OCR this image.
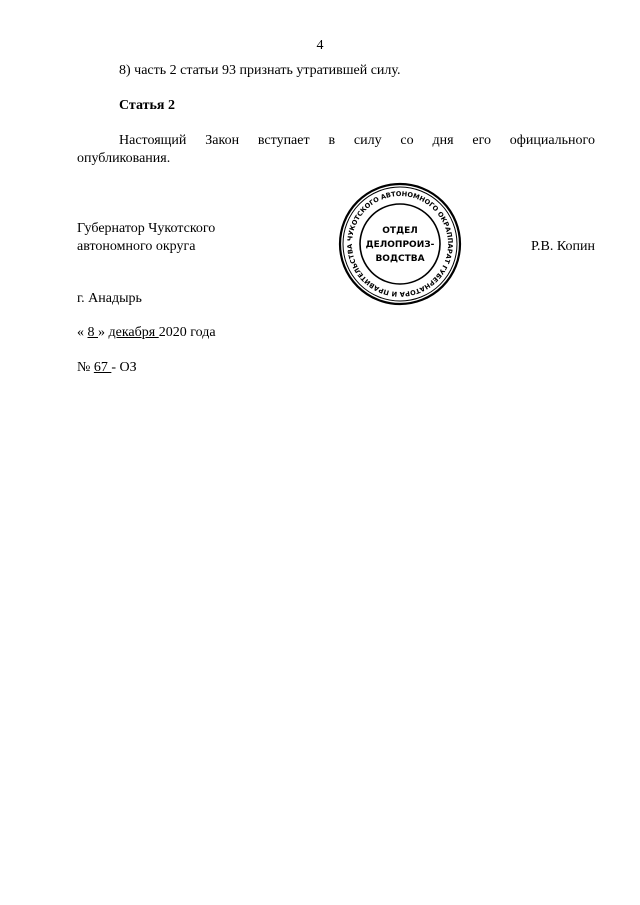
4
8) часть 2 статьи 93 признать утратившей силу.
Статья 2
Настоящий Закон вступает в силу со дня его официального
опубликования.
Губернатор Чукотского
автономного округа	Р.В. Копин
АППАРАТ ГУБЕРНАТОРА И ПРАВИТЕЛЬСТВА ЧУКОТСКОГО АВТОНОМНОГО ОКРУГА
ОТДЕЛ
ДЕЛОПРОИЗ-
ВОДСТВА
г. Анадырь
« 8 » декабря 2020 года
№ 67 - ОЗ
